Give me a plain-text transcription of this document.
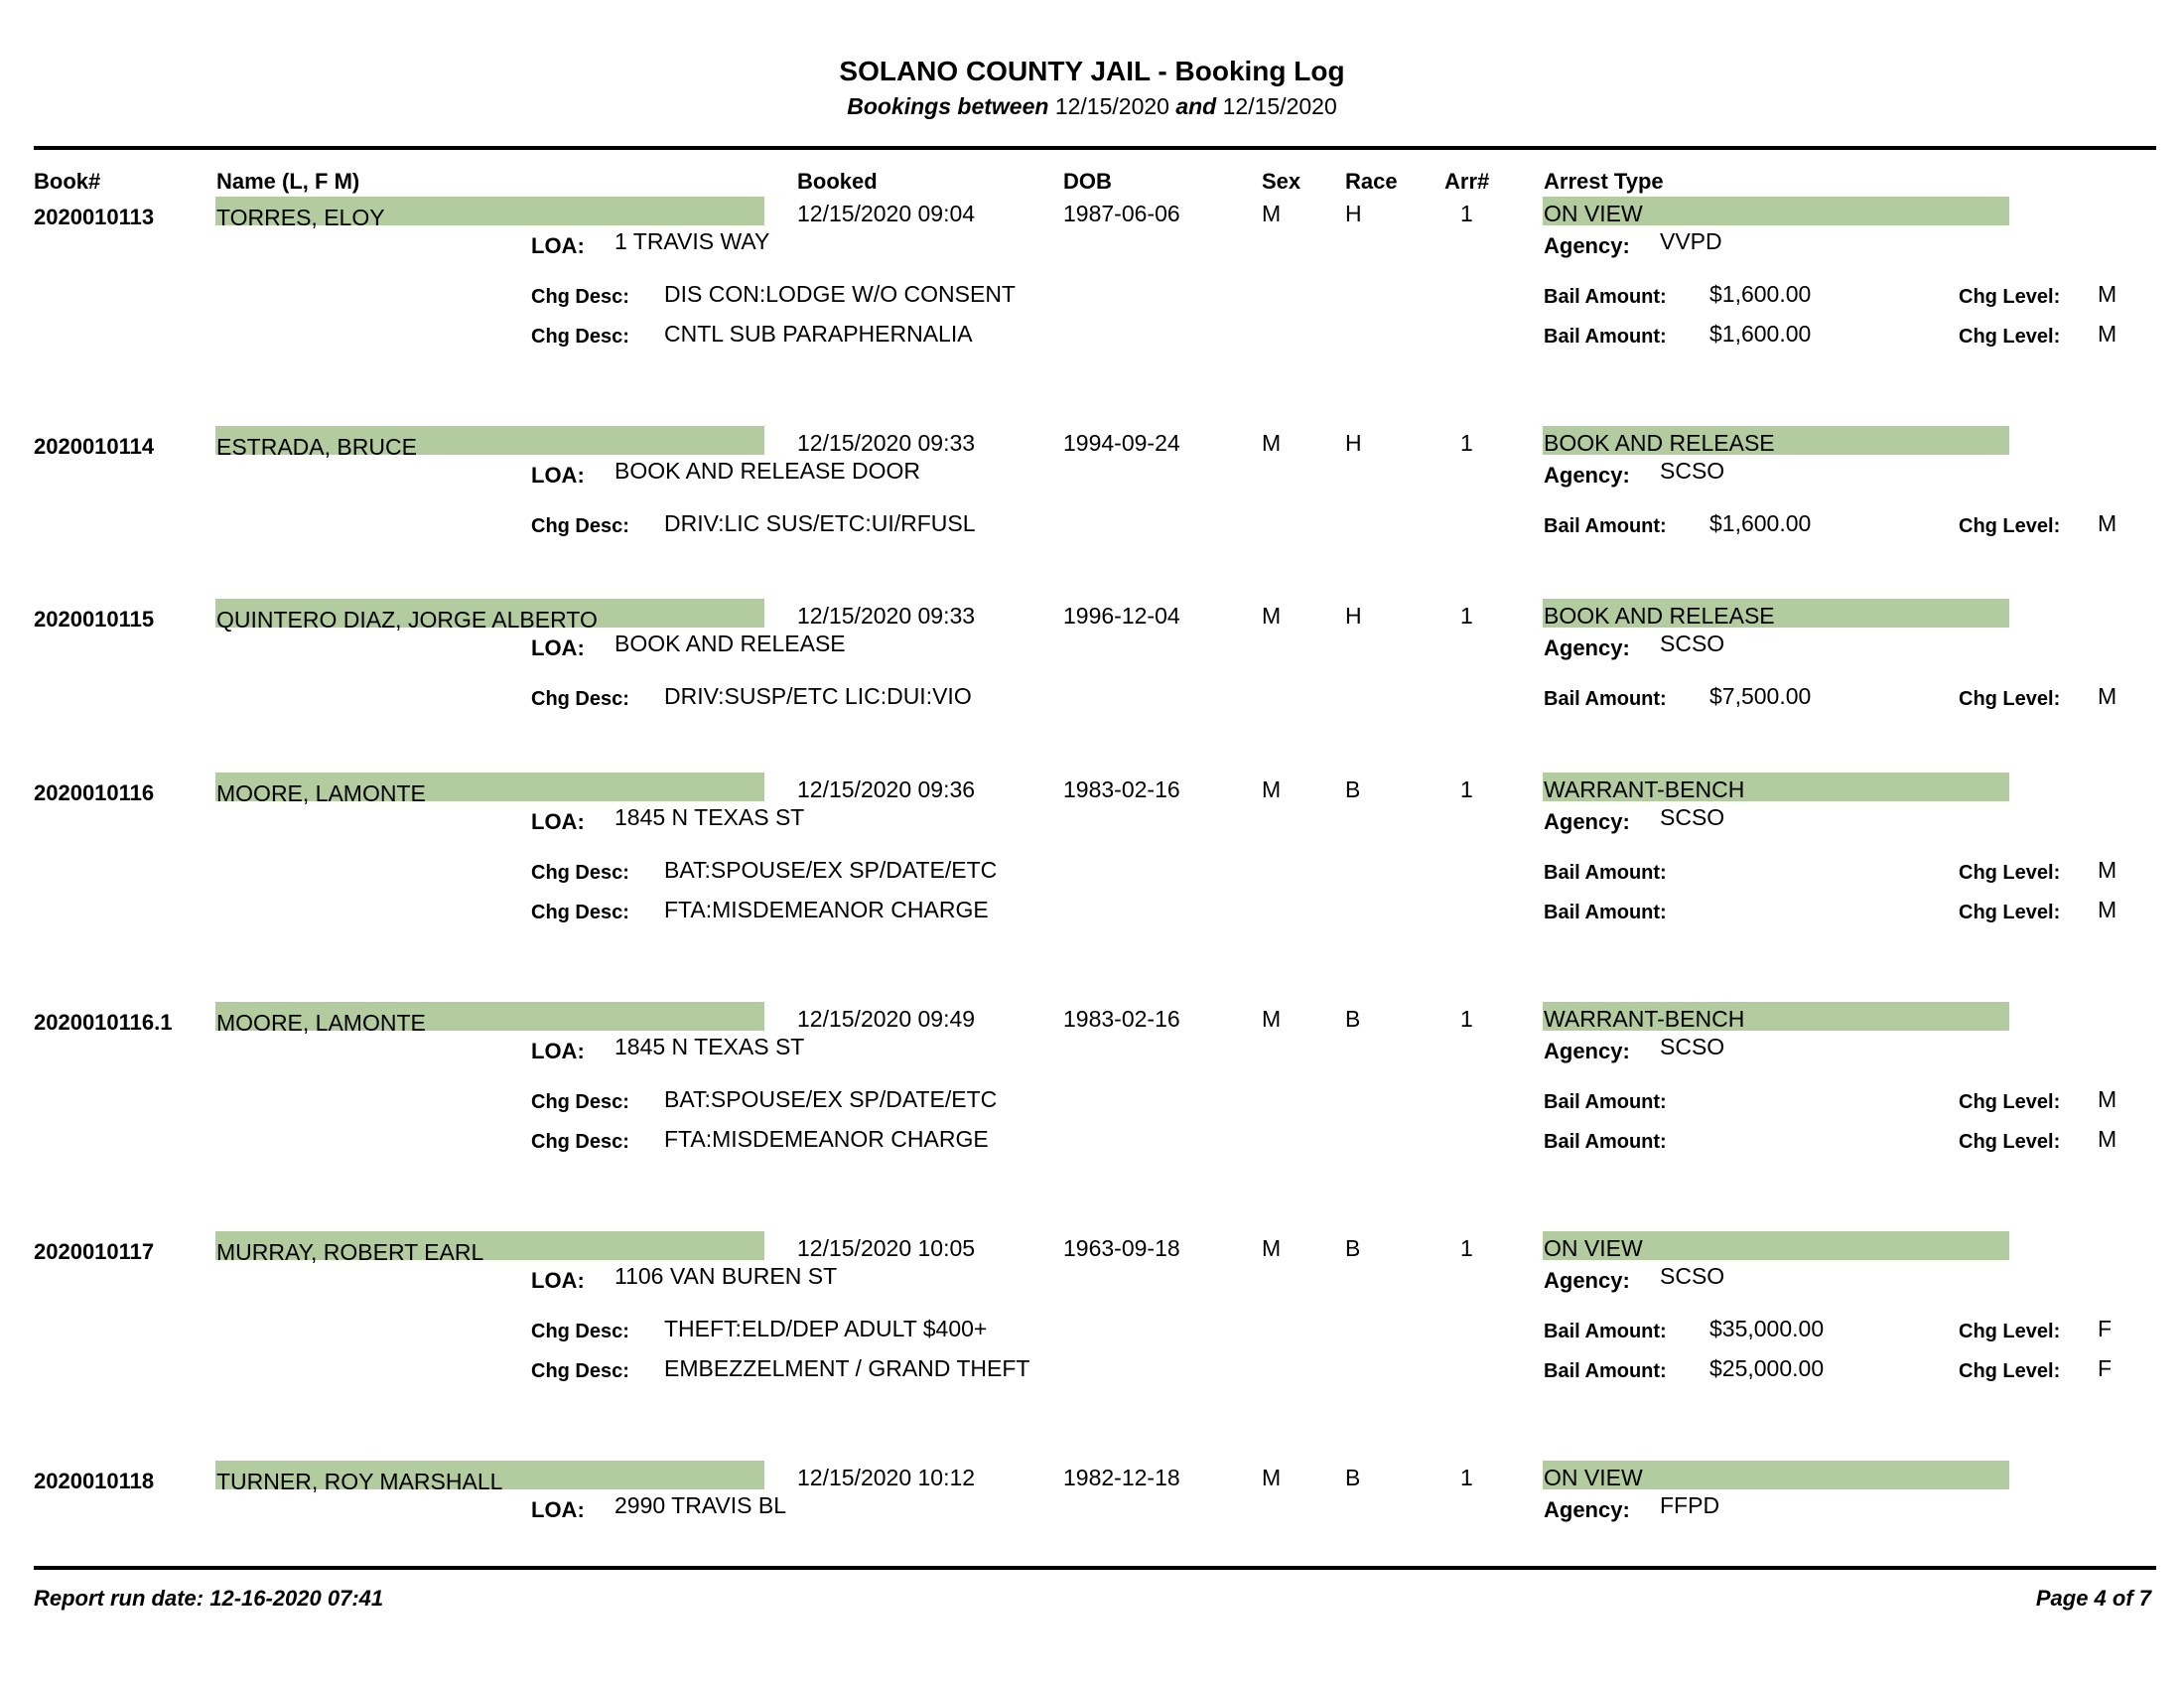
SOLANO COUNTY JAIL - Booking Log
Bookings between 12/15/2020 and 12/15/2020
Book#	Name (L, F M)	Booked	DOB	Sex Race Arr# Arrest Type
2020010113	TORRES, ELOY	12/15/2020 09:04	1987-06-06	M	H	1	ON VIEW
LOA: 1 TRAVIS WAY	Agency: VVPD
Chg Desc: DIS CON:LODGE W/O CONSENT	Bail Amount: $1,600.00	Chg Level: M
Chg Desc: CNTL SUB PARAPHERNALIA	Bail Amount: $1,600.00	Chg Level: M
2020010114	ESTRADA, BRUCE	12/15/2020 09:33	1994-09-24	M	H	1	BOOK AND RELEASE
LOA: BOOK AND RELEASE DOOR	Agency: SCSO
Chg Desc: DRIV:LIC SUS/ETC:UI/RFUSL	Bail Amount: $1,600.00	Chg Level: M
2020010115	QUINTERO DIAZ, JORGE ALBERTO	12/15/2020 09:33	1996-12-04	M	H	1	BOOK AND RELEASE
LOA: BOOK AND RELEASE	Agency: SCSO
Chg Desc: DRIV:SUSP/ETC LIC:DUI:VIO	Bail Amount: $7,500.00	Chg Level: M
2020010116	MOORE, LAMONTE	12/15/2020 09:36	1983-02-16	M	B	1	WARRANT-BENCH
LOA: 1845 N TEXAS ST	Agency: SCSO
Chg Desc: BAT:SPOUSE/EX SP/DATE/ETC	Bail Amount:	Chg Level: M
Chg Desc: FTA:MISDEMEANOR CHARGE	Bail Amount:	Chg Level: M
2020010116.1 MOORE, LAMONTE	12/15/2020 09:49	1983-02-16	M	B	1	WARRANT-BENCH
LOA: 1845 N TEXAS ST	Agency: SCSO
Chg Desc: BAT:SPOUSE/EX SP/DATE/ETC	Bail Amount:	Chg Level: M
Chg Desc: FTA:MISDEMEANOR CHARGE	Bail Amount:	Chg Level: M
2020010117	MURRAY, ROBERT EARL	12/15/2020 10:05	1963-09-18	M	B	1	ON VIEW
LOA: 1106 VAN BUREN ST	Agency: SCSO
Chg Desc: THEFT:ELD/DEP ADULT $400+	Bail Amount: $35,000.00	Chg Level: F
Chg Desc: EMBEZZELMENT / GRAND THEFT	Bail Amount: $25,000.00	Chg Level: F
2020010118	TURNER, ROY MARSHALL	12/15/2020 10:12	1982-12-18	M	B	1	ON VIEW
LOA: 2990 TRAVIS BL	Agency: FFPD
Report run date: 12-16-2020 07:41	Page 4 of 7
